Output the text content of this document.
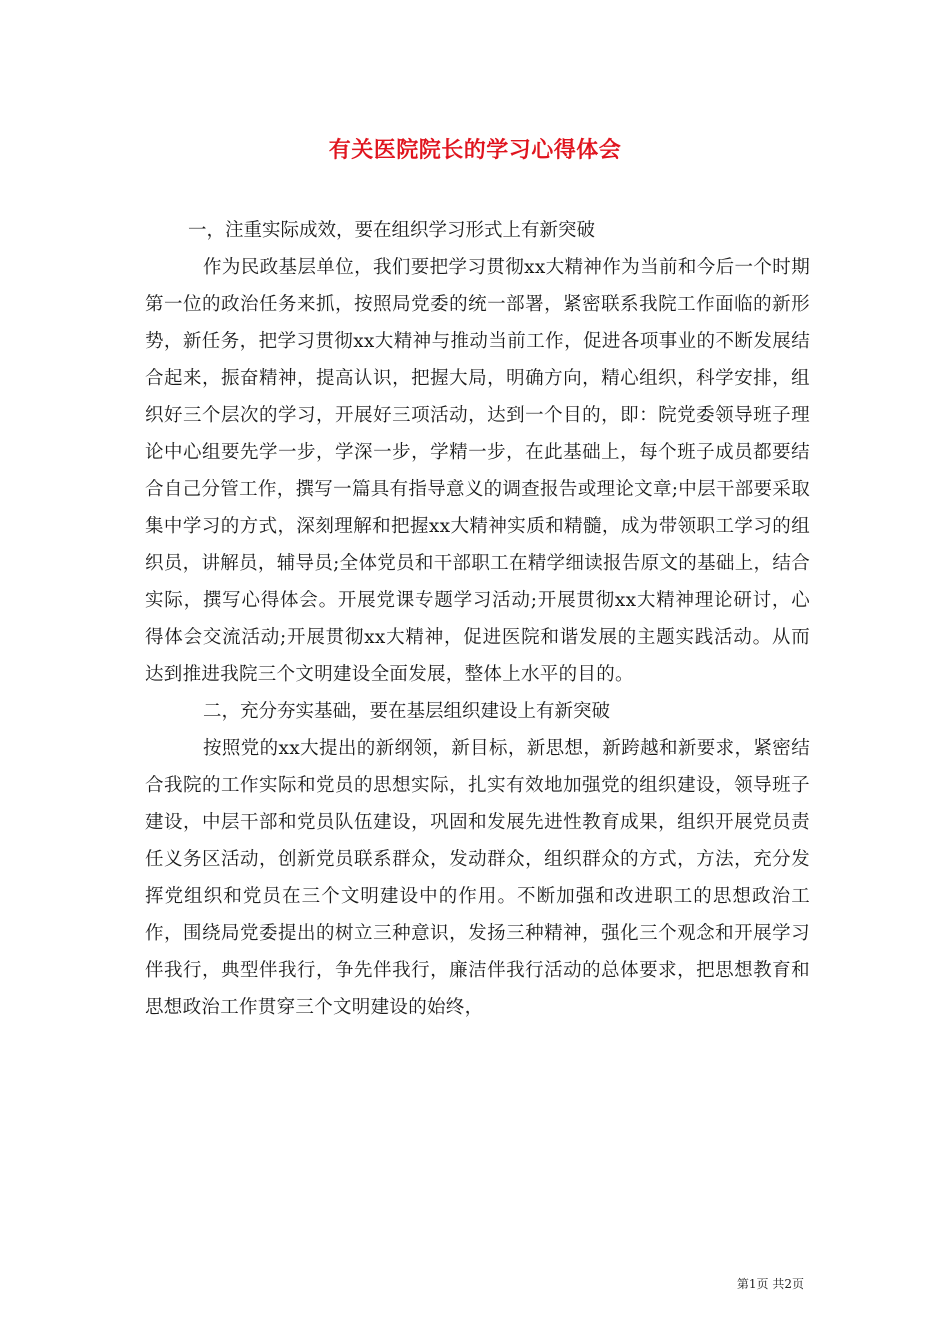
有关医院院长的学习心得体会

一，注重实际成效，要在组织学习形式上有新突破

作为民政基层单位，我们要把学习贯彻xx大精神作为当前和今后一个时期第一位的政治任务来抓，按照局党委的统一部署，紧密联系我院工作面临的新形势，新任务，把学习贯彻xx大精神与推动当前工作，促进各项事业的不断发展结合起来，振奋精神，提高认识，把握大局，明确方向，精心组织，科学安排，组织好三个层次的学习，开展好三项活动，达到一个目的，即：院党委领导班子理论中心组要先学一步，学深一步，学精一步，在此基础上，每个班子成员都要结合自己分管工作，撰写一篇具有指导意义的调查报告或理论文章;中层干部要采取集中学习的方式，深刻理解和把握xx大精神实质和精髓，成为带领职工学习的组织员，讲解员，辅导员;全体党员和干部职工在精学细读报告原文的基础上，结合实际，撰写心得体会。开展党课专题学习活动;开展贯彻xx大精神理论研讨，心得体会交流活动;开展贯彻xx大精神，促进医院和谐发展的主题实践活动。从而达到推进我院三个文明建设全面发展，整体上水平的目的。

二，充分夯实基础，要在基层组织建设上有新突破

按照党的xx大提出的新纲领，新目标，新思想，新跨越和新要求，紧密结合我院的工作实际和党员的思想实际，扎实有效地加强党的组织建设，领导班子建设，中层干部和党员队伍建设，巩固和发展先进性教育成果，组织开展党员责任义务区活动，创新党员联系群众，发动群众，组织群众的方式，方法，充分发挥党组织和党员在三个文明建设中的作用。不断加强和改进职工的思想政治工作，围绕局党委提出的树立三种意识，发扬三种精神，强化三个观念和开展学习伴我行，典型伴我行，争先伴我行，廉洁伴我行活动的总体要求，把思想教育和思想政治工作贯穿三个文明建设的始终，

第1页 共2页
